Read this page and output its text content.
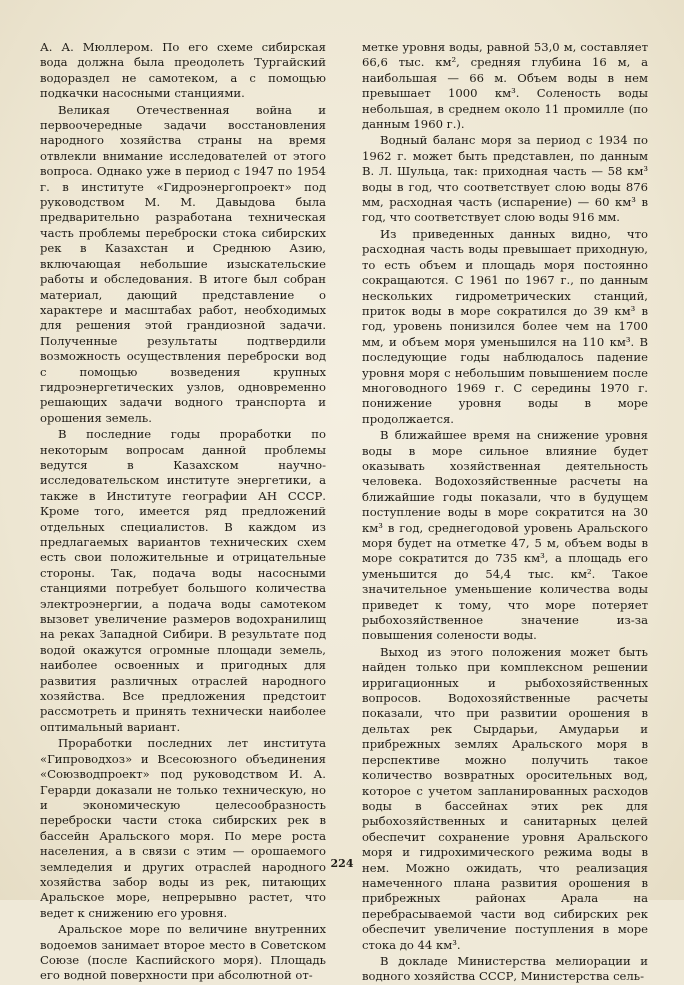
А. А. Мюллером. По его схеме сибирская вода должна была преодолеть Тургайский водораздел не самотеком, а с помощью подкачки насосными станциями.

Великая Отечественная война и первоочередные задачи восстановления народного хозяйства страны на время отвлекли внимание исследователей от этого вопроса. Однако уже в период с 1947 по 1954 г. в институте «Гидроэнергопроект» под руководством М. М. Давыдова была предварительно разработана техническая часть проблемы переброски стока сибирских рек в Казахстан и Среднюю Азию, включающая небольшие изыскательские работы и обследования. В итоге был собран материал, дающий представление о характере и масштабах работ, необходимых для решения этой грандиозной задачи. Полученные результаты подтвердили возможность осуществления переброски вод с помощью возведения крупных гидроэнергетических узлов, одновременно решающих задачи водного транспорта и орошения земель.

В последние годы проработки по некоторым вопросам данной проблемы ведутся в Казахском научно-исследовательском институте энергетики, а также в Институте географии АН СССР. Кроме того, имеется ряд предложений отдельных специалистов. В каждом из предлагаемых вариантов технических схем есть свои положительные и отрицательные стороны. Так, подача воды насосными станциями потребует большого количества электроэнергии, а подача воды самотеком вызовет увеличение размеров водохранилищ на реках Западной Сибири. В результате под водой окажутся огромные площади земель, наиболее освоенных и пригодных для развития различных отраслей народного хозяйства. Все предложения предстоит рассмотреть и принять технически наиболее оптимальный вариант.

Проработки последних лет института «Гипроводхоз» и Всесоюзного объединения «Союзводпроект» под руководством И. А. Герарди доказали не только техническую, но и экономическую целесообразность переброски части стока сибирских рек в бассейн Аральского моря. По мере роста населения, а в связи с этим — орошаемого земледелия и других отраслей народного хозяйства забор воды из рек, питающих Аральское море, непрерывно растет, что ведет к снижению его уровня.

Аральское море по величине внутренних водоемов занимает второе место в Советском Союзе (после Каспийского моря). Площадь его водной поверхности при абсолютной от-

метке уровня воды, равной 53,0 м, составляет 66,6 тыс. км², средняя глубина 16 м, а наибольшая — 66 м. Объем воды в нем превышает 1000 км³. Соленость воды небольшая, в среднем около 11 промилле (по данным 1960 г.).

Водный баланс моря за период с 1934 по 1962 г. может быть представлен, по данным В. Л. Шульца, так: приходная часть — 58 км³ воды в год, что соответствует слою воды 876 мм, расходная часть (испарение) — 60 км³ в год, что соответствует слою воды 916 мм.

Из приведенных данных видно, что расходная часть воды превышает приходную, то есть объем и площадь моря постоянно сокращаются. С 1961 по 1967 г., по данным нескольких гидрометрических станций, приток воды в море сократился до 39 км³ в год, уровень понизился более чем на 1700 мм, и объем моря уменьшился на 110 км³. В последующие годы наблюдалось падение уровня моря с небольшим повышением после многоводного 1969 г. С середины 1970 г. понижение уровня воды в море продолжается.

В ближайшее время на снижение уровня воды в море сильное влияние будет оказывать хозяйственная деятельность человека. Водохозяйственные расчеты на ближайшие годы показали, что в будущем поступление воды в море сократится на 30 км³ в год, среднегодовой уровень Аральского моря будет на отметке 47, 5 м, объем воды в море сократится до 735 км³, а площадь его уменьшится до 54,4 тыс. км². Такое значительное уменьшение количества воды приведет к тому, что море потеряет рыбохозяйственное значение из-за повышения солености воды.

Выход из этого положения может быть найден только при комплексном решении ирригационных и рыбохозяйственных вопросов. Водохозяйственные расчеты показали, что при развитии орошения в дельтах рек Сырдарьи, Амударьи и прибрежных землях Аральского моря в перспективе можно получить такое количество возвратных оросительных вод, которое с учетом запланированных расходов воды в бассейнах этих рек для рыбохозяйственных и санитарных целей обеспечит сохранение уровня Аральского моря и гидрохимического режима воды в нем. Можно ожидать, что реализация намеченного плана развития орошения в прибрежных районах Арала на перебрасываемой части вод сибирских рек обеспечит увеличение поступления в море стока до 44 км³.

В докладе Министерства мелиорации и водного хозяйства СССР, Министерства сель-

224
